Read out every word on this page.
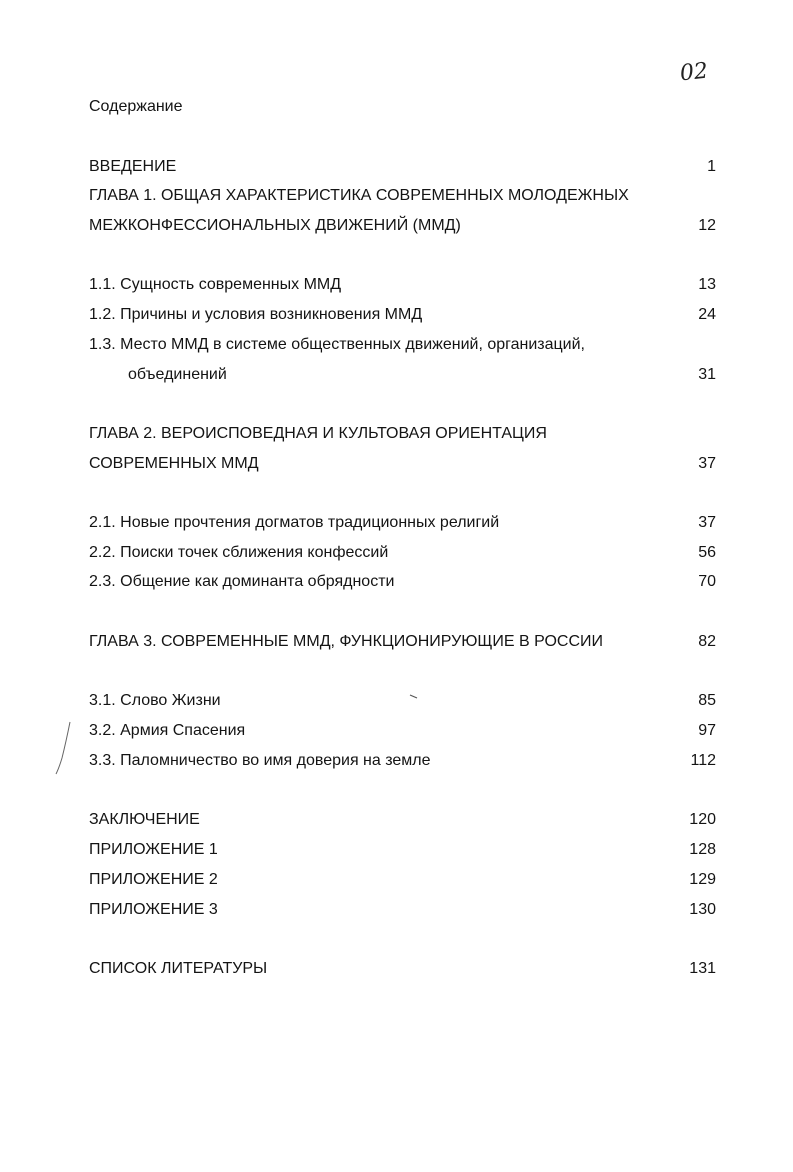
02
Содержание
ВВЕДЕНИЕ	1
ГЛАВА 1. ОБЩАЯ ХАРАКТЕРИСТИКА СОВРЕМЕННЫХ МОЛОДЕЖНЫХ
МЕЖКОНФЕССИОНАЛЬНЫХ ДВИЖЕНИЙ (ММД)	12
1.1. Сущность современных ММД	13
1.2. Причины и условия возникновения ММД	24
1.3. Место ММД в системе общественных движений, организаций,
объединений	31
ГЛАВА 2. ВЕРОИСПОВЕДНАЯ И КУЛЬТОВАЯ ОРИЕНТАЦИЯ
СОВРЕМЕННЫХ ММД	37
2.1. Новые прочтения догматов традиционных религий	37
2.2. Поиски точек сближения конфессий	56
2.3. Общение как доминанта обрядности	70
ГЛАВА 3. СОВРЕМЕННЫЕ ММД, ФУНКЦИОНИРУЮЩИЕ В РОССИИ	82
3.1. Слово Жизни	85
3.2. Армия Спасения	97
3.3. Паломничество во имя доверия на земле	112
ЗАКЛЮЧЕНИЕ	120
ПРИЛОЖЕНИЕ 1	128
ПРИЛОЖЕНИЕ 2	129
ПРИЛОЖЕНИЕ 3	130
СПИСОК ЛИТЕРАТУРЫ	131
